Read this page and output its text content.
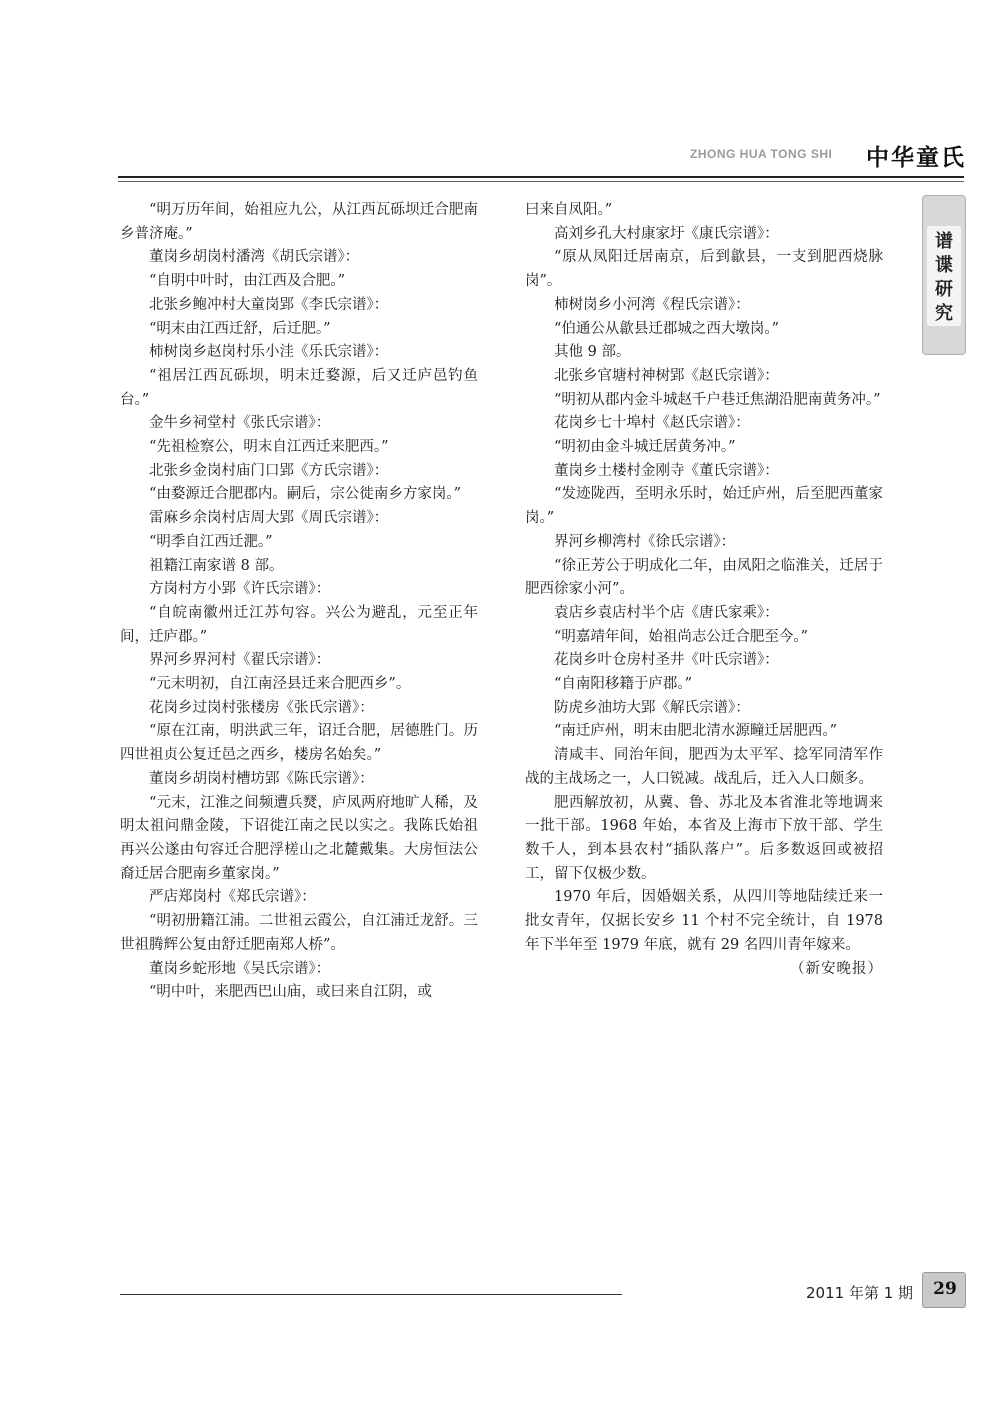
ZHONG HUA TONG SHI 中华童氏
谱
谍
研
究

“明万历年间，始祖应九公，从江西瓦砾坝迁合肥南乡普济庵。”

董岗乡胡岗村潘湾《胡氏宗谱》：

“自明中叶时，由江西及合肥。”

北张乡鲍冲村大童岗郢《李氏宗谱》：

“明末由江西迁舒，后迁肥。”

柿树岗乡赵岗村乐小洼《乐氏宗谱》：

“祖居江西瓦砾坝，明末迁婺源，后又迁庐邑钓鱼台。”

金牛乡祠堂村《张氏宗谱》：

“先祖检察公，明末自江西迁来肥西。”

北张乡金岗村庙门口郢《方氏宗谱》：

“由婺源迁合肥郡内。嗣后，宗公徙南乡方家岗。”

雷麻乡余岗村店周大郢《周氏宗谱》：

“明季自江西迁淝。”

祖籍江南家谱 8 部。

方岗村方小郢《许氏宗谱》：

“自皖南徽州迁江苏句容。兴公为避乱，元至正年间，迁庐郡。”

界河乡界河村《翟氏宗谱》：

“元末明初，自江南泾县迁来合肥西乡”。

花岗乡过岗村张楼房《张氏宗谱》：

“原在江南，明洪武三年，诏迁合肥，居德胜门。历四世祖贞公复迁邑之西乡，楼房名始矣。”

董岗乡胡岗村槽坊郢《陈氏宗谱》：

“元末，江淮之间频遭兵燹，庐凤两府地旷人稀，及明太祖问鼎金陵，下诏徙江南之民以实之。我陈氏始祖再兴公遂由句容迁合肥浮槎山之北麓戴集。大房恒法公裔迁居合肥南乡董家岗。”

严店郑岗村《郑氏宗谱》：

“明初册籍江浦。二世祖云霞公，自江浦迁龙舒。三世祖腾辉公复由舒迁肥南郑人桥”。

董岗乡蛇形地《吴氏宗谱》：

“明中叶，来肥西巴山庙，或曰来自江阴，或

曰来自凤阳。”

高刘乡孔大村康家圩《康氏宗谱》：

“原从凤阳迁居南京，后到歙县，一支到肥西烧脉岗”。

柿树岗乡小河湾《程氏宗谱》：

“伯通公从歙县迁郡城之西大墩岗。”

其他 9 部。

北张乡官塘村神树郢《赵氏宗谱》：

“明初从郡内金斗城赵千户巷迁焦湖沿肥南黄务冲。”

花岗乡七十埠村《赵氏宗谱》：

“明初由金斗城迁居黄务冲。”

董岗乡土楼村金刚寺《董氏宗谱》：

“发迹陇西，至明永乐时，始迁庐州，后至肥西董家岗。”

界河乡柳湾村《徐氏宗谱》：

“徐正芳公于明成化二年，由凤阳之临淮关，迁居于肥西徐家小河”。

袁店乡袁店村半个店《唐氏家乘》：

“明嘉靖年间，始祖尚志公迁合肥至今。”

花岗乡叶仓房村圣井《叶氏宗谱》：

“自南阳移籍于庐郡。”

防虎乡油坊大郢《解氏宗谱》：

“南迁庐州，明末由肥北清水源疃迁居肥西。”

清咸丰、同治年间，肥西为太平军、捻军同清军作战的主战场之一，人口锐减。战乱后，迁入人口颇多。

肥西解放初，从冀、鲁、苏北及本省淮北等地调来一批干部。1968 年始，本省及上海市下放干部、学生数千人，到本县农村“插队落户”。后多数返回或被招工，留下仅极少数。

1970 年后，因婚姻关系，从四川等地陆续迁来一批女青年，仅据长安乡 11 个村不完全统计，自 1978 年下半年至 1979 年底，就有 29 名四川青年嫁来。

（新安晚报）
2011 年第 1 期	29
